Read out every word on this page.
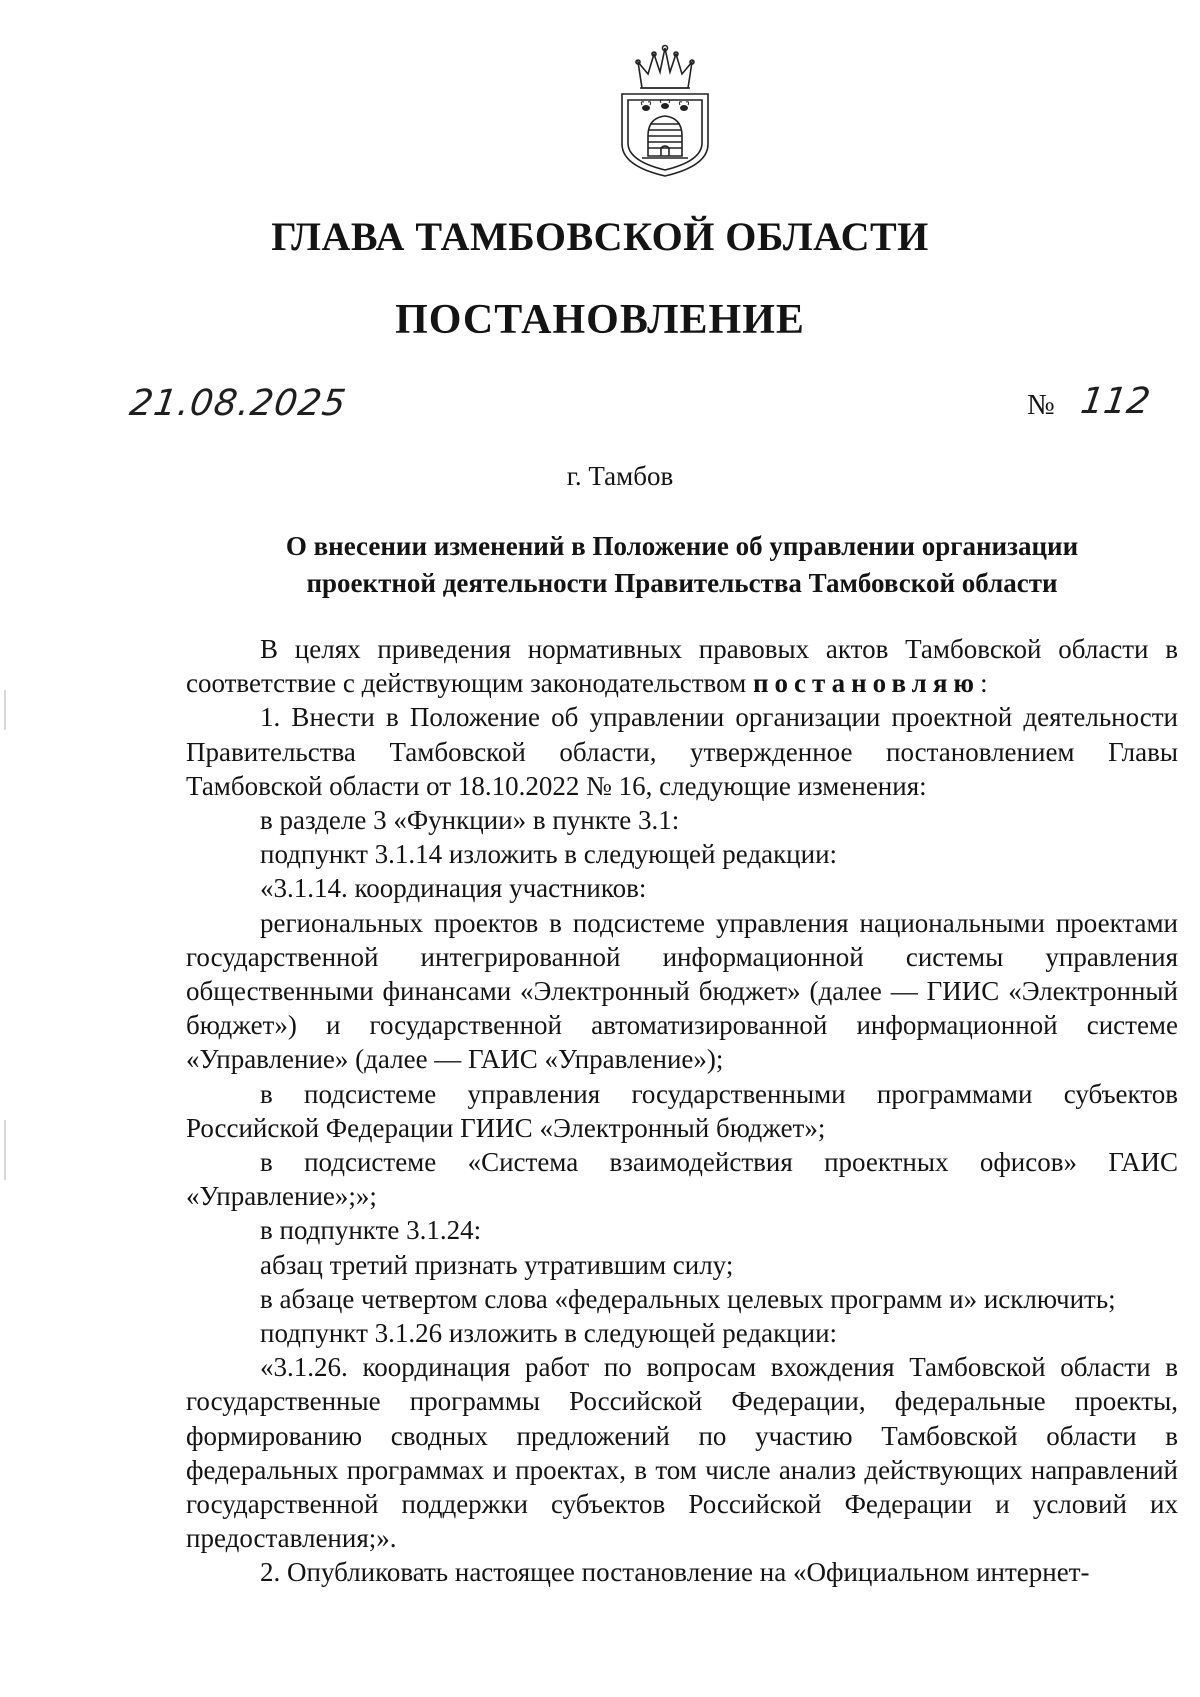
ГЛАВА ТАМБОВСКОЙ ОБЛАСТИ
ПОСТАНОВЛЕНИЕ
21.08.2025	№ 112
г. Тамбов
О внесении изменений в Положение об управлении организации
проектной деятельности Правительства Тамбовской области

В целях приведения нормативных правовых актов Тамбовской области в соответствие с действующим законодательством постановляю:

1. Внести в Положение об управлении организации проектной деятельности Правительства Тамбовской области, утвержденное постановлением Главы Тамбовской области от 18.10.2022 № 16, следующие изменения:

в разделе 3 «Функции» в пункте 3.1:

подпункт 3.1.14 изложить в следующей редакции:

«3.1.14. координация участников:

региональных проектов в подсистеме управления национальными проектами государственной интегрированной информационной системы управления общественными финансами «Электронный бюджет» (далее — ГИИС «Электронный бюджет») и государственной автоматизированной информационной системе «Управление» (далее — ГАИС «Управление»);

в подсистеме управления государственными программами субъектов Российской Федерации ГИИС «Электронный бюджет»;

в подсистеме «Система взаимодействия проектных офисов» ГАИС «Управление»;»;

в подпункте 3.1.24:

абзац третий признать утратившим силу;

в абзаце четвертом слова «федеральных целевых программ и» исключить;

подпункт 3.1.26 изложить в следующей редакции:

«3.1.26. координация работ по вопросам вхождения Тамбовской области в государственные программы Российской Федерации, федеральные проекты, формированию сводных предложений по участию Тамбовской области в федеральных программах и проектах, в том числе анализ действующих направлений государственной поддержки субъектов Российской Федерации и условий их предоставления;».

2. Опубликовать настоящее постановление на «Официальном интернет-
